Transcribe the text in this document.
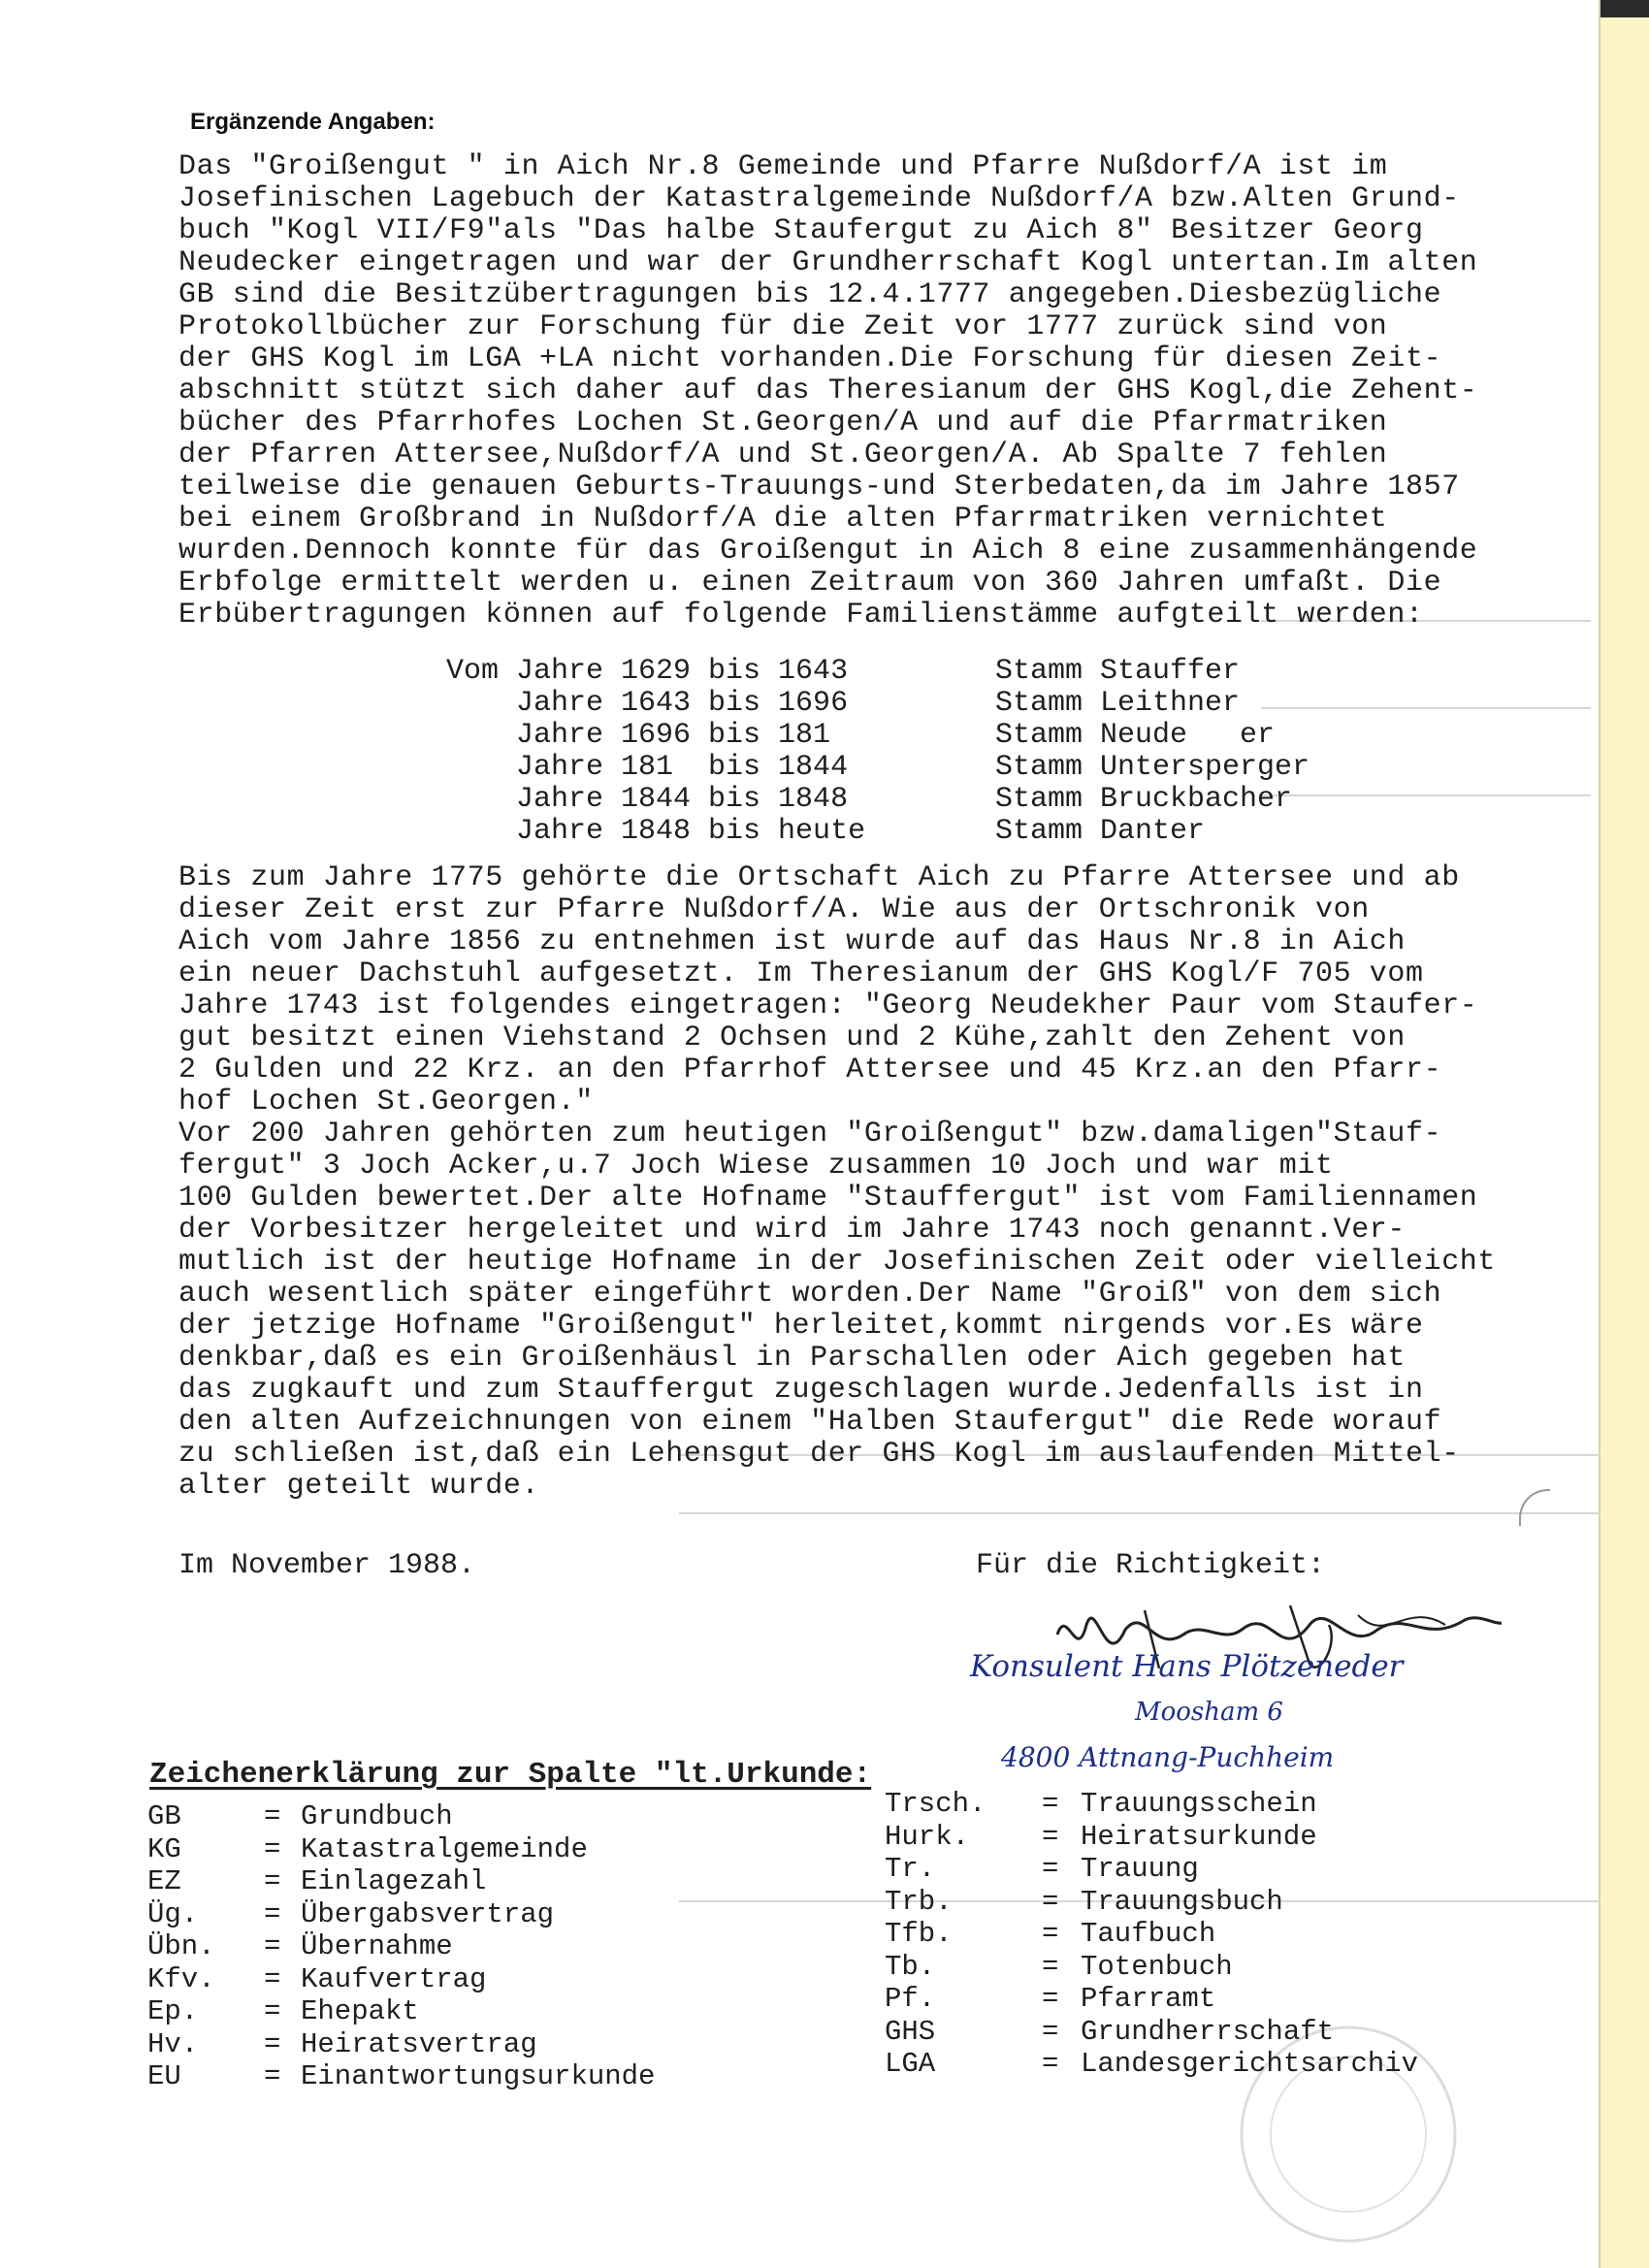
Ergänzende Angaben:
Das "Groißengut " in Aich Nr.8 Gemeinde und Pfarre Nußdorf/A ist im
Josefinischen Lagebuch der Katastralgemeinde Nußdorf/A bzw.Alten Grund-
buch "Kogl VII/F9"als "Das halbe Staufergut zu Aich 8" Besitzer Georg
Neudecker eingetragen und war der Grundherrschaft Kogl untertan.Im alten
GB sind die Besitzübertragungen bis 12.4.1777 angegeben.Diesbezügliche
Protokollbücher zur Forschung für die Zeit vor 1777 zurück sind von
der GHS Kogl im LGA +LA nicht vorhanden.Die Forschung für diesen Zeit-
abschnitt stützt sich daher auf das Theresianum der GHS Kogl,die Zehent-
bücher des Pfarrhofes Lochen St.Georgen/A und auf die Pfarrmatriken
der Pfarren Attersee,Nußdorf/A und St.Georgen/A. Ab Spalte 7 fehlen
teilweise die genauen Geburts-Trauungs-und Sterbedaten,da im Jahre 1857
bei einem Großbrand in Nußdorf/A die alten Pfarrmatriken vernichtet
wurden.Dennoch konnte für das Groißengut in Aich 8 eine zusammenhängende
Erbfolge ermittelt werden u. einen Zeitraum von 360 Jahren umfaßt. Die
Erbübertragungen können auf folgende Familienstämme aufgteilt werden:
Vom Jahre 1629 bis 1643	Stamm Stauffer
Jahre 1643 bis 1696	Stamm Leithner
Jahre 1696 bis 181	Stamm Neude   er
Jahre 181  bis 1844	Stamm Untersperger
Jahre 1844 bis 1848	Stamm Bruckbacher
Jahre 1848 bis heute	Stamm Danter
Bis zum Jahre 1775 gehörte die Ortschaft Aich zu Pfarre Attersee und ab
dieser Zeit erst zur Pfarre Nußdorf/A. Wie aus der Ortschronik von
Aich vom Jahre 1856 zu entnehmen ist wurde auf das Haus Nr.8 in Aich
ein neuer Dachstuhl aufgesetzt. Im Theresianum der GHS Kogl/F 705 vom
Jahre 1743 ist folgendes eingetragen: "Georg Neudekher Paur vom Staufer-
gut besitzt einen Viehstand 2 Ochsen und 2 Kühe,zahlt den Zehent von
2 Gulden und 22 Krz. an den Pfarrhof Attersee und 45 Krz.an den Pfarr-
hof Lochen St.Georgen."
Vor 200 Jahren gehörten zum heutigen "Groißengut" bzw.damaligen"Stauf-
fergut" 3 Joch Acker,u.7 Joch Wiese zusammen 10 Joch und war mit
100 Gulden bewertet.Der alte Hofname "Stauffergut" ist vom Familiennamen
der Vorbesitzer hergeleitet und wird im Jahre 1743 noch genannt.Ver-
mutlich ist der heutige Hofname in der Josefinischen Zeit oder vielleicht
auch wesentlich später eingeführt worden.Der Name "Groiß" von dem sich
der jetzige Hofname "Groißengut" herleitet,kommt nirgends vor.Es wäre
denkbar,daß es ein Groißenhäusl in Parschallen oder Aich gegeben hat
das zugkauft und zum Stauffergut zugeschlagen wurde.Jedenfalls ist in
den alten Aufzeichnungen von einem "Halben Staufergut" die Rede worauf
zu schließen ist,daß ein Lehensgut der GHS Kogl im auslaufenden Mittel-
alter geteilt wurde.
Im November 1988.	Für die Richtigkeit:
Konsulent Hans Plötzeneder
Moosham 6
4800 Attnang-Puchheim
Zeichenerklärung zur Spalte "lt.Urkunde:
GB	= Grundbuch
KG	= Katastralgemeinde
EZ	= Einlagezahl
Üg. = Übergabsvertrag
Übn. = Übernahme
Kfv. = Kaufvertrag
Ep. = Ehepakt
Hv. = Heiratsvertrag
EU	= Einantwortungsurkunde
Trsch. = Trauungsschein
Hurk.	= Heiratsurkunde
Tr.	= Trauung
Trb.	= Trauungsbuch
Tfb.	= Taufbuch
Tb.	= Totenbuch
Pf.	= Pfarramt
GHS	= Grundherrschaft
LGA	= Landesgerichtsarchiv
